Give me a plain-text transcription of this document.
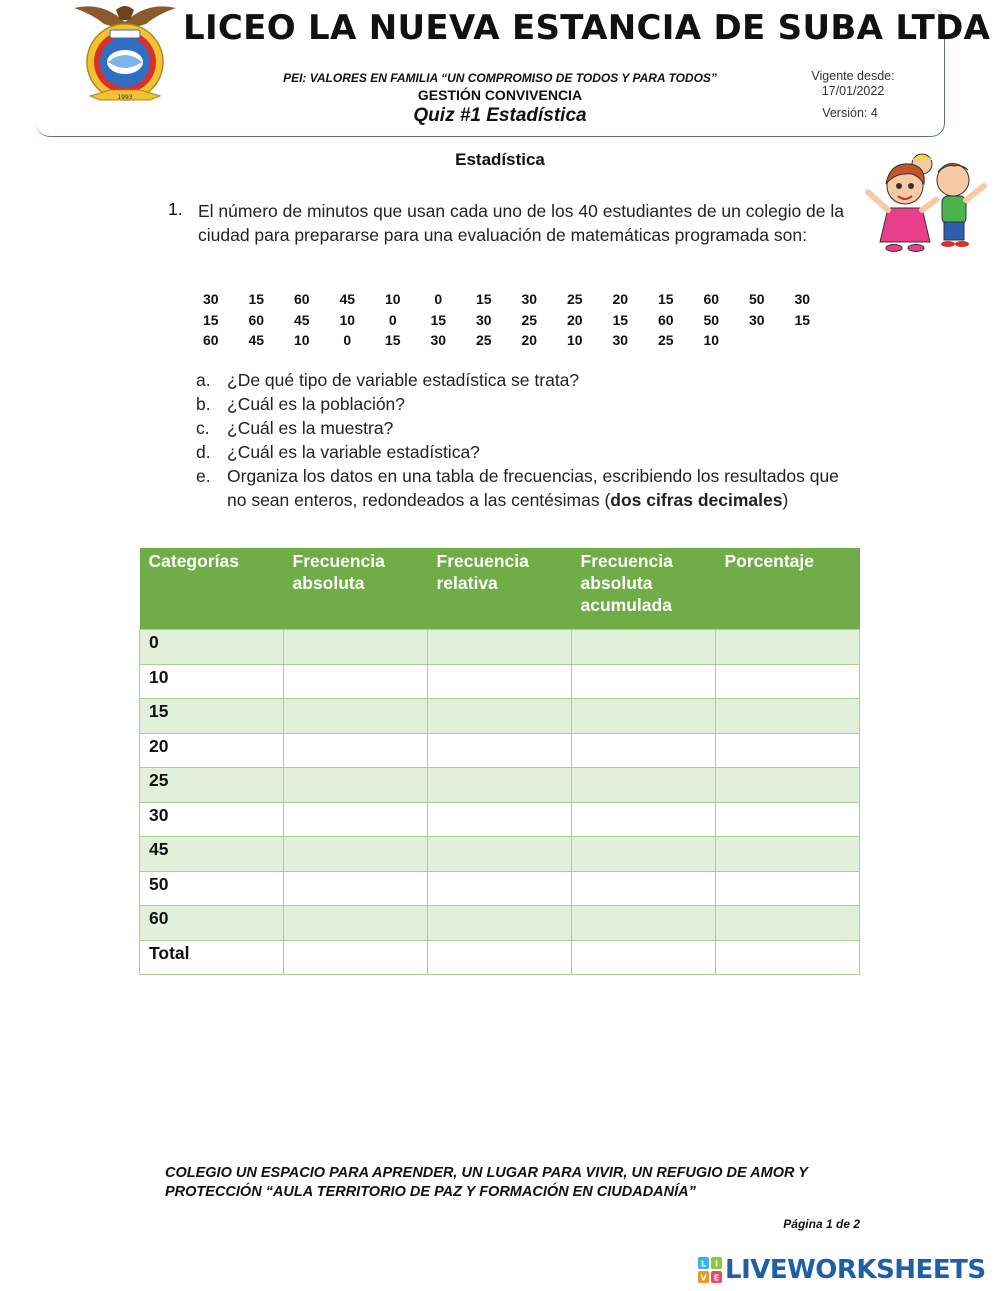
1993
LICEO LA NUEVA ESTANCIA DE SUBA LTDA
PEI: VALORES EN FAMILIA “UN COMPROMISO DE TODOS Y PARA TODOS”
GESTIÓN CONVIVENCIA
Quiz #1 Estadística
Vigente desde:
17/01/2022
Versión: 4
Estadística
1. El número de minutos que usan cada uno de los 40 estudiantes de un colegio de la ciudad para prepararse para una evaluación de matemáticas programada son:
30	15	60	45	10	0	15	30	25	20	15	60	50	30
15	60	45	10	0	15	30	25	20	15	60	50	30	15
60	45	10	0	15	30	25	20	10	30	25	10
a. ¿De qué tipo de variable estadística se trata?
b. ¿Cuál es la población?
c. ¿Cuál es la muestra?
d. ¿Cuál es la variable estadística?
e. Organiza los datos en una tabla de frecuencias, escribiendo los resultados que no sean enteros, redondeados a las centésimas (dos cifras decimales)
Categorías	Frecuencia absoluta	Frecuencia relativa	Frecuencia absoluta acumulada	Porcentaje
0				
10				
15				
20				
25				
30				
45				
50				
60				
Total				
COLEGIO UN ESPACIO PARA APRENDER, UN LUGAR PARA VIVIR, UN REFUGIO DE AMOR Y PROTECCIÓN “AULA TERRITORIO DE PAZ Y FORMACIÓN EN CIUDADANÍA”
Página 1 de 2
L I
V E LIVEWORKSHEETS
